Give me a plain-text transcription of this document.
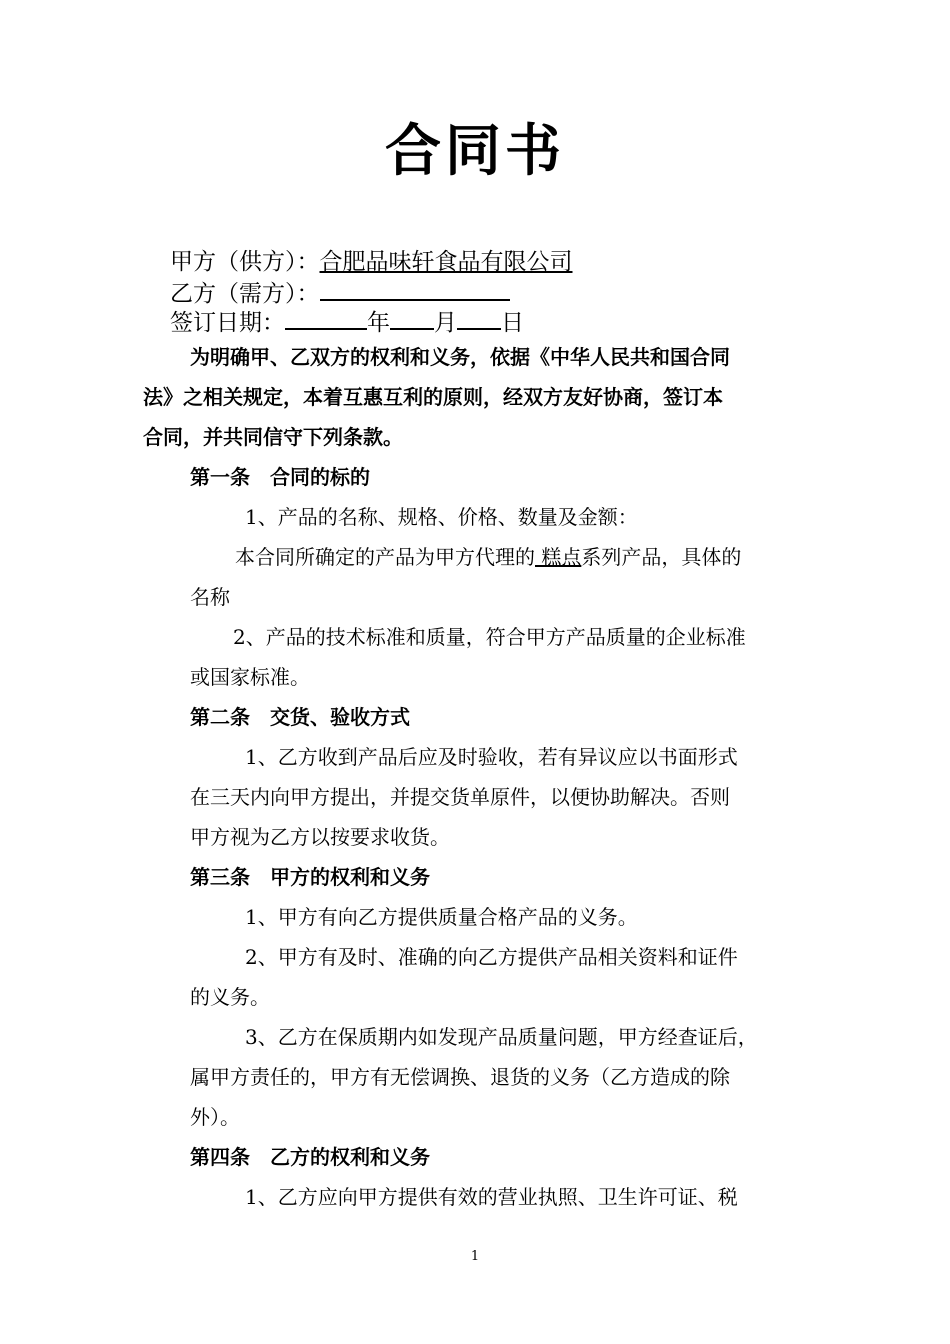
合同书
甲方（供方）：合肥品味轩食品有限公司
乙方（需方）：
签订日期：	年 月 日
为明确甲、乙双方的权利和义务，依据《中华人民共和国合同
法》之相关规定，本着互惠互利的原则，经双方友好协商，签订本
合同，并共同信守下列条款。
第一条　合同的标的
1、产品的名称、规格、价格、数量及金额：
本合同所确定的产品为甲方代理的 糕点系列产品，具体的
名称
2、产品的技术标准和质量，符合甲方产品质量的企业标准
或国家标准。
第二条　交货、验收方式
1、乙方收到产品后应及时验收，若有异议应以书面形式
在三天内向甲方提出，并提交货单原件，以便协助解决。否则
甲方视为乙方以按要求收货。
第三条　甲方的权利和义务
1、甲方有向乙方提供质量合格产品的义务。
2、甲方有及时、准确的向乙方提供产品相关资料和证件
的义务。
3、乙方在保质期内如发现产品质量问题，甲方经查证后，
属甲方责任的，甲方有无偿调换、退货的义务（乙方造成的除
外）。
第四条　乙方的权利和义务
1、乙方应向甲方提供有效的营业执照、卫生许可证、税
1
